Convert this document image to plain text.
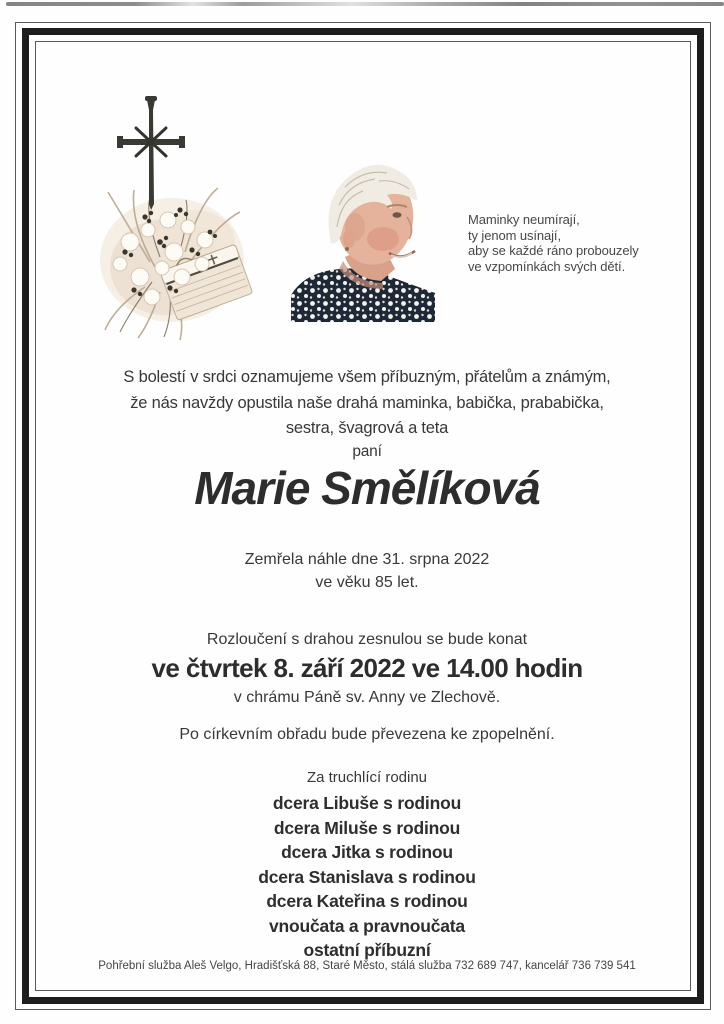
Maminky neumírají,
ty jenom usínají,
aby se každé ráno probouzely
ve vzpomínkách svých dětí.
S bolestí v srdci oznamujeme všem příbuzným, přátelům a známým,
že nás navždy opustila naše drahá maminka, babička, prababička,
sestra, švagrová a teta
paní
Marie Smělíková
Zemřela náhle dne 31. srpna 2022
ve věku 85 let.
Rozloučení s drahou zesnulou se bude konat
ve čtvrtek 8. září 2022 ve 14.00 hodin
v chrámu Páně sv. Anny ve Zlechově.
Po církevním obřadu bude převezena ke zpopelnění.
Za truchlící rodinu
dcera Libuše s rodinou
dcera Miluše s rodinou
dcera Jitka s rodinou
dcera Stanislava s rodinou
dcera Kateřina s rodinou
vnoučata a pravnoučata
ostatní příbuzní
Pohřební služba Aleš Velgo, Hradišťská 88, Staré Město, stálá služba 732 689 747, kancelář 736 739 541
